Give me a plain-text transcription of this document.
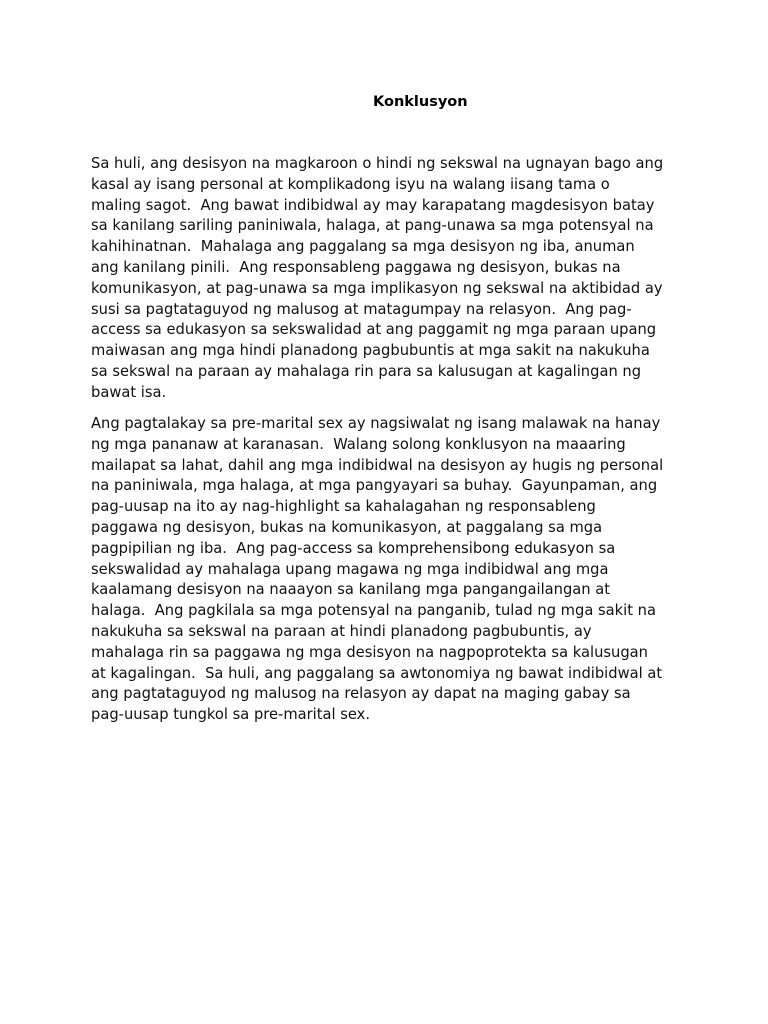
Konklusyon
Sa huli, ang desisyon na magkaroon o hindi ng sekswal na ugnayan bago ang
kasal ay isang personal at komplikadong isyu na walang iisang tama o
maling sagot.  Ang bawat indibidwal ay may karapatang magdesisyon batay
sa kanilang sariling paniniwala, halaga, at pang-unawa sa mga potensyal na
kahihinatnan.  Mahalaga ang paggalang sa mga desisyon ng iba, anuman
ang kanilang pinili.  Ang responsableng paggawa ng desisyon, bukas na
komunikasyon, at pag-unawa sa mga implikasyon ng sekswal na aktibidad ay
susi sa pagtataguyod ng malusog at matagumpay na relasyon.  Ang pag-
access sa edukasyon sa sekswalidad at ang paggamit ng mga paraan upang
maiwasan ang mga hindi planadong pagbubuntis at mga sakit na nakukuha
sa sekswal na paraan ay mahalaga rin para sa kalusugan at kagalingan ng
bawat isa.
Ang pagtalakay sa pre-marital sex ay nagsiwalat ng isang malawak na hanay
ng mga pananaw at karanasan.  Walang solong konklusyon na maaaring
mailapat sa lahat, dahil ang mga indibidwal na desisyon ay hugis ng personal
na paniniwala, mga halaga, at mga pangyayari sa buhay.  Gayunpaman, ang
pag-uusap na ito ay nag-highlight sa kahalagahan ng responsableng
paggawa ng desisyon, bukas na komunikasyon, at paggalang sa mga
pagpipilian ng iba.  Ang pag-access sa komprehensibong edukasyon sa
sekswalidad ay mahalaga upang magawa ng mga indibidwal ang mga
kaalamang desisyon na naaayon sa kanilang mga pangangailangan at
halaga.  Ang pagkilala sa mga potensyal na panganib, tulad ng mga sakit na
nakukuha sa sekswal na paraan at hindi planadong pagbubuntis, ay
mahalaga rin sa paggawa ng mga desisyon na nagpoprotekta sa kalusugan
at kagalingan.  Sa huli, ang paggalang sa awtonomiya ng bawat indibidwal at
ang pagtataguyod ng malusog na relasyon ay dapat na maging gabay sa
pag-uusap tungkol sa pre-marital sex.
